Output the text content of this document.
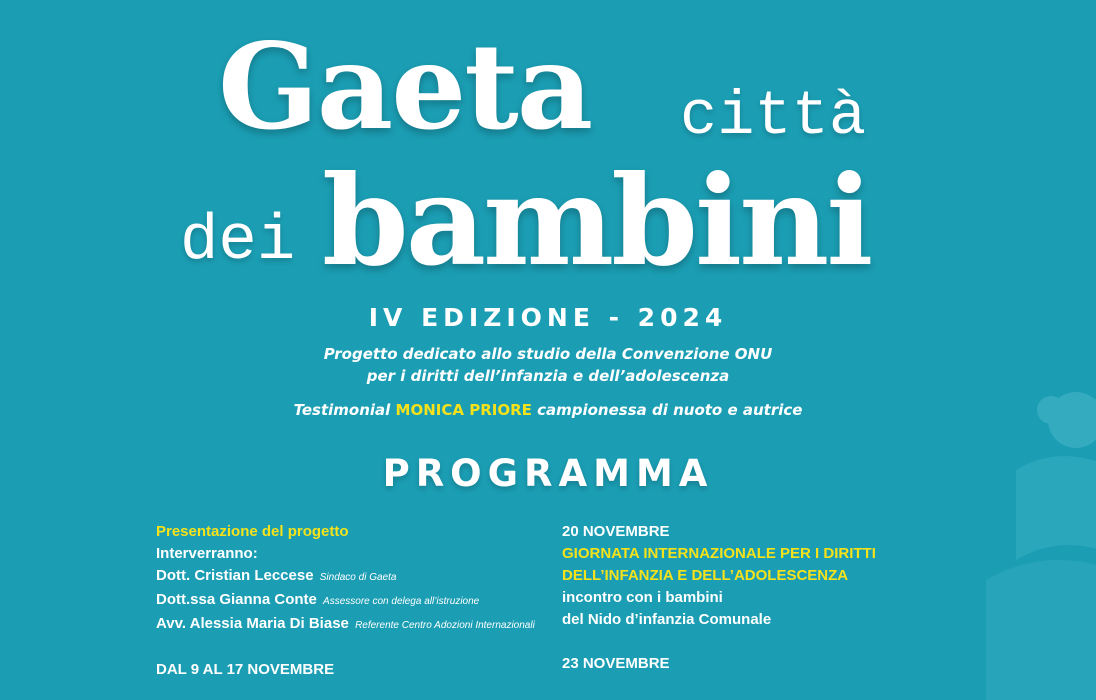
Gaeta città
dei bambini
IV EDIZIONE - 2024
Progetto dedicato allo studio della Convenzione ONU
per i diritti dell’infanzia e dell’adolescenza
Testimonial MONICA PRIORE campionessa di nuoto e autrice
PROGRAMMA
Presentazione del progetto
Interverranno:
Dott. Cristian Leccese Sindaco di Gaeta
Dott.ssa Gianna Conte Assessore con delega all’istruzione
Avv. Alessia Maria Di Biase Referente Centro Adozioni Internazionali
DAL 9 AL 17 NOVEMBRE
20 NOVEMBRE
GIORNATA INTERNAZIONALE PER I DIRITTI
DELL’INFANZIA E DELL’ADOLESCENZA
incontro con i bambini
del Nido d’infanzia Comunale
23 NOVEMBRE
